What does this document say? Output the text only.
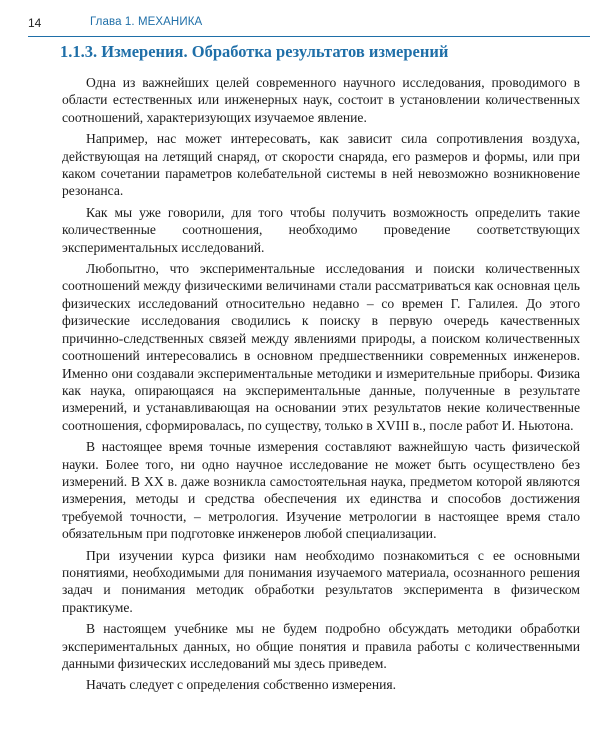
14	Глава 1. МЕХАНИКА
1.1.3. Измерения. Обработка результатов измерений

Одна из важнейших целей современного научного исследования, проводимого в области естественных или инженерных наук, состоит в установлении количественных соотношений, характеризующих изучаемое явление.

Например, нас может интересовать, как зависит сила сопротивления воздуха, действующая на летящий снаряд, от скорости снаряда, его размеров и формы, или при каком сочетании параметров колебательной системы в ней невозможно возникновение резонанса.

Как мы уже говорили, для того чтобы получить возможность определить такие количественные соотношения, необходимо проведение соответствующих экспериментальных исследований.

Любопытно, что экспериментальные исследования и поиски количественных соотношений между физическими величинами стали рассматриваться как основная цель физических исследований относительно недавно – со времен Г. Галилея. До этого физические исследования сводились к поиску в первую очередь качественных причинно-следственных связей между явлениями природы, а поиском количественных соотношений интересовались в основном предшественники современных инженеров. Именно они создавали экспериментальные методики и измерительные приборы. Физика как наука, опирающаяся на экспериментальные данные, полученные в результате измерений, и устанавливающая на основании этих результатов некие количественные соотношения, сформировалась, по существу, только в XVIII в., после работ И. Ньютона.

В настоящее время точные измерения составляют важнейшую часть физической науки. Более того, ни одно научное исследование не может быть осуществлено без измерений. В XX в. даже возникла самостоятельная наука, предметом которой являются измерения, методы и средства обеспечения их единства и способов достижения требуемой точности, – метрология. Изучение метрологии в настоящее время стало обязательным при подготовке инженеров любой специализации.

При изучении курса физики нам необходимо познакомиться с ее основными понятиями, необходимыми для понимания изучаемого материала, осознанного решения задач и понимания методик обработки результатов эксперимента в физическом практикуме.

В настоящем учебнике мы не будем подробно обсуждать методики обработки экспериментальных данных, но общие понятия и правила работы с количественными данными физических исследований мы здесь приведем.

Начать следует с определения собственно измерения.
